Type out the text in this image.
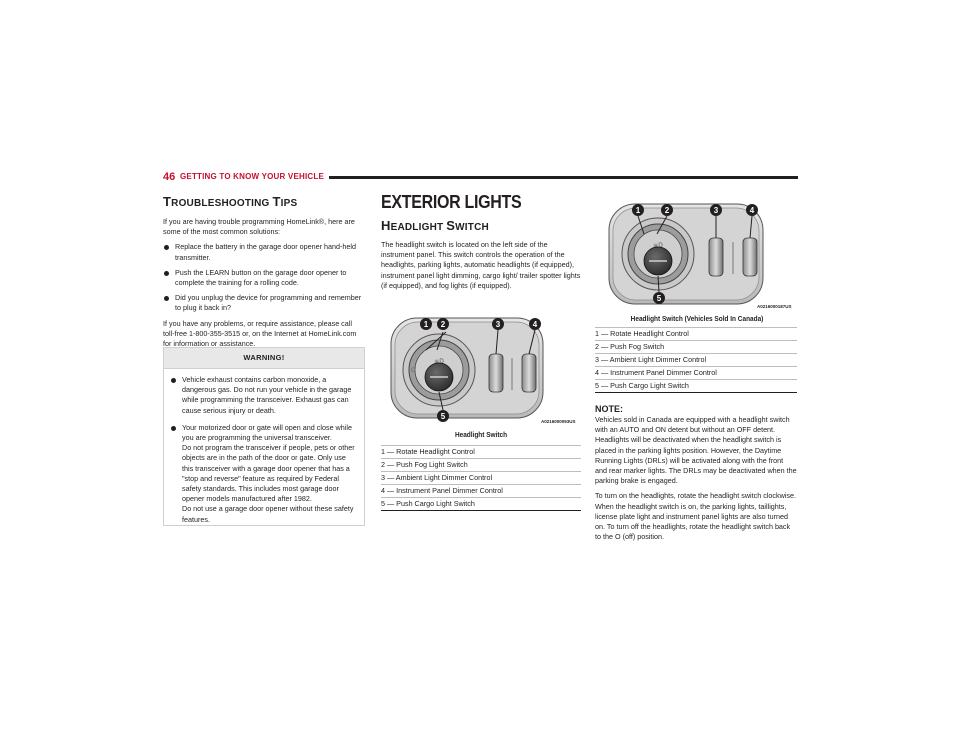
46 GETTING TO KNOW YOUR VEHICLE
TROUBLESHOOTING TIPS

If you are having trouble programming HomeLink®, here are some of the most common solutions:

Replace the battery in the garage door opener hand-held transmitter.
Push the LEARN button on the garage door opener to complete the training for a rolling code.
Did you unplug the device for programming and remember to plug it back in?

If you have any problems, or require assistance, please call toll-free 1-800-355-3515 or, on the Internet at HomeLink.com for information or assistance.

WARNING!
Vehicle exhaust contains carbon monoxide, a dangerous gas. Do not run your vehicle in the garage while programming the transceiver. Exhaust gas can cause serious injury or death.
Your motorized door or gate will open and close while you are programming the universal transceiver.
Do not program the transceiver if people, pets or other objects are in the path of the door or gate. Only use this transceiver with a garage door opener that has a "stop and reverse" feature as required by Federal safety standards. This includes most garage door opener models manufactured after 1982.
Do not use a garage door opener without these safety features.
EXTERIOR LIGHTS
HEADLIGHT SWITCH

The headlight switch is located on the left side of the instrument panel. This switch controls the operation of the headlights, parking lights, automatic headlights (if equipped), instrument panel light dimming, cargo light/ trailer spotter lights (if equipped), and fog lights (if equipped).

≡D
O
1 2	3	4
5
A0216000093US
Headlight Switch
1 — Rotate Headlight Control
2 — Push Fog Light Switch
3 — Ambient Light Dimmer Control
4 — Instrument Panel Dimmer Control
5 — Push Cargo Light Switch
≡D
1	2	3	4
5
A0216000187US
Headlight Switch (Vehicles Sold In Canada)
1 — Rotate Headlight Control
2 — Push Fog Switch
3 — Ambient Light Dimmer Control
4 — Instrument Panel Dimmer Control
5 — Push Cargo Light Switch
NOTE:

Vehicles sold in Canada are equipped with a headlight switch with an AUTO and ON detent but without an OFF detent. Headlights will be deactivated when the headlight switch is placed in the parking lights position. However, the Daytime Running Lights (DRLs) will be activated along with the front and rear marker lights. The DRLs may be deactivated when the parking brake is engaged.

To turn on the headlights, rotate the headlight switch clockwise. When the headlight switch is on, the parking lights, taillights, license plate light and instrument panel lights are also turned on. To turn off the headlights, rotate the headlight switch back to the O (off) position.
